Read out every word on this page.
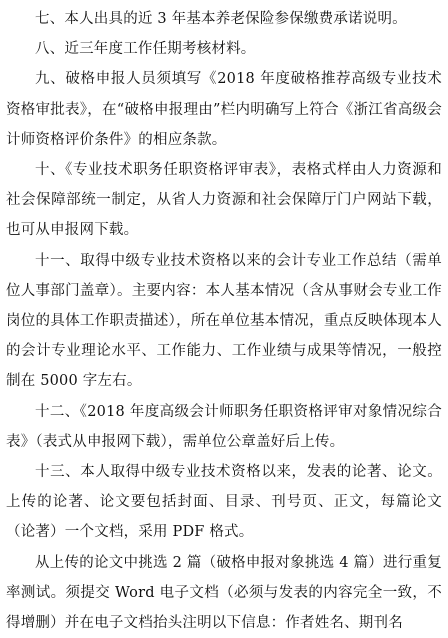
七、本人出具的近 3 年基本养老保险参保缴费承诺说明。

八、近三年度工作任期考核材料。

九、破格申报人员须填写《2018 年度破格推荐高级专业技术资格审批表》，在“破格申报理由”栏内明确写上符合《浙江省高级会计师资格评价条件》的相应条款。

十、《专业技术职务任职资格评审表》，表格式样由人力资源和社会保障部统一制定，从省人力资源和社会保障厅门户网站下载，也可从申报网下载。

十一、取得中级专业技术资格以来的会计专业工作总结（需单位人事部门盖章）。主要内容：本人基本情况（含从事财会专业工作岗位的具体工作职责描述），所在单位基本情况，重点反映体现本人的会计专业理论水平、工作能力、工作业绩与成果等情况，一般控制在 5000 字左右。

十二、《2018 年度高级会计师职务任职资格评审对象情况综合表》（表式从申报网下载），需单位公章盖好后上传。

十三、本人取得中级专业技术资格以来，发表的论著、论文。上传的论著、论文要包括封面、目录、刊号页、正文，每篇论文（论著）一个文档，采用 PDF 格式。

从上传的论文中挑选 2 篇（破格申报对象挑选 4 篇）进行重复率测试。须提交 Word 电子文档（必须与发表的内容完全一致，不得增删）并在电子文档抬头注明以下信息：作者姓名、期刊名
